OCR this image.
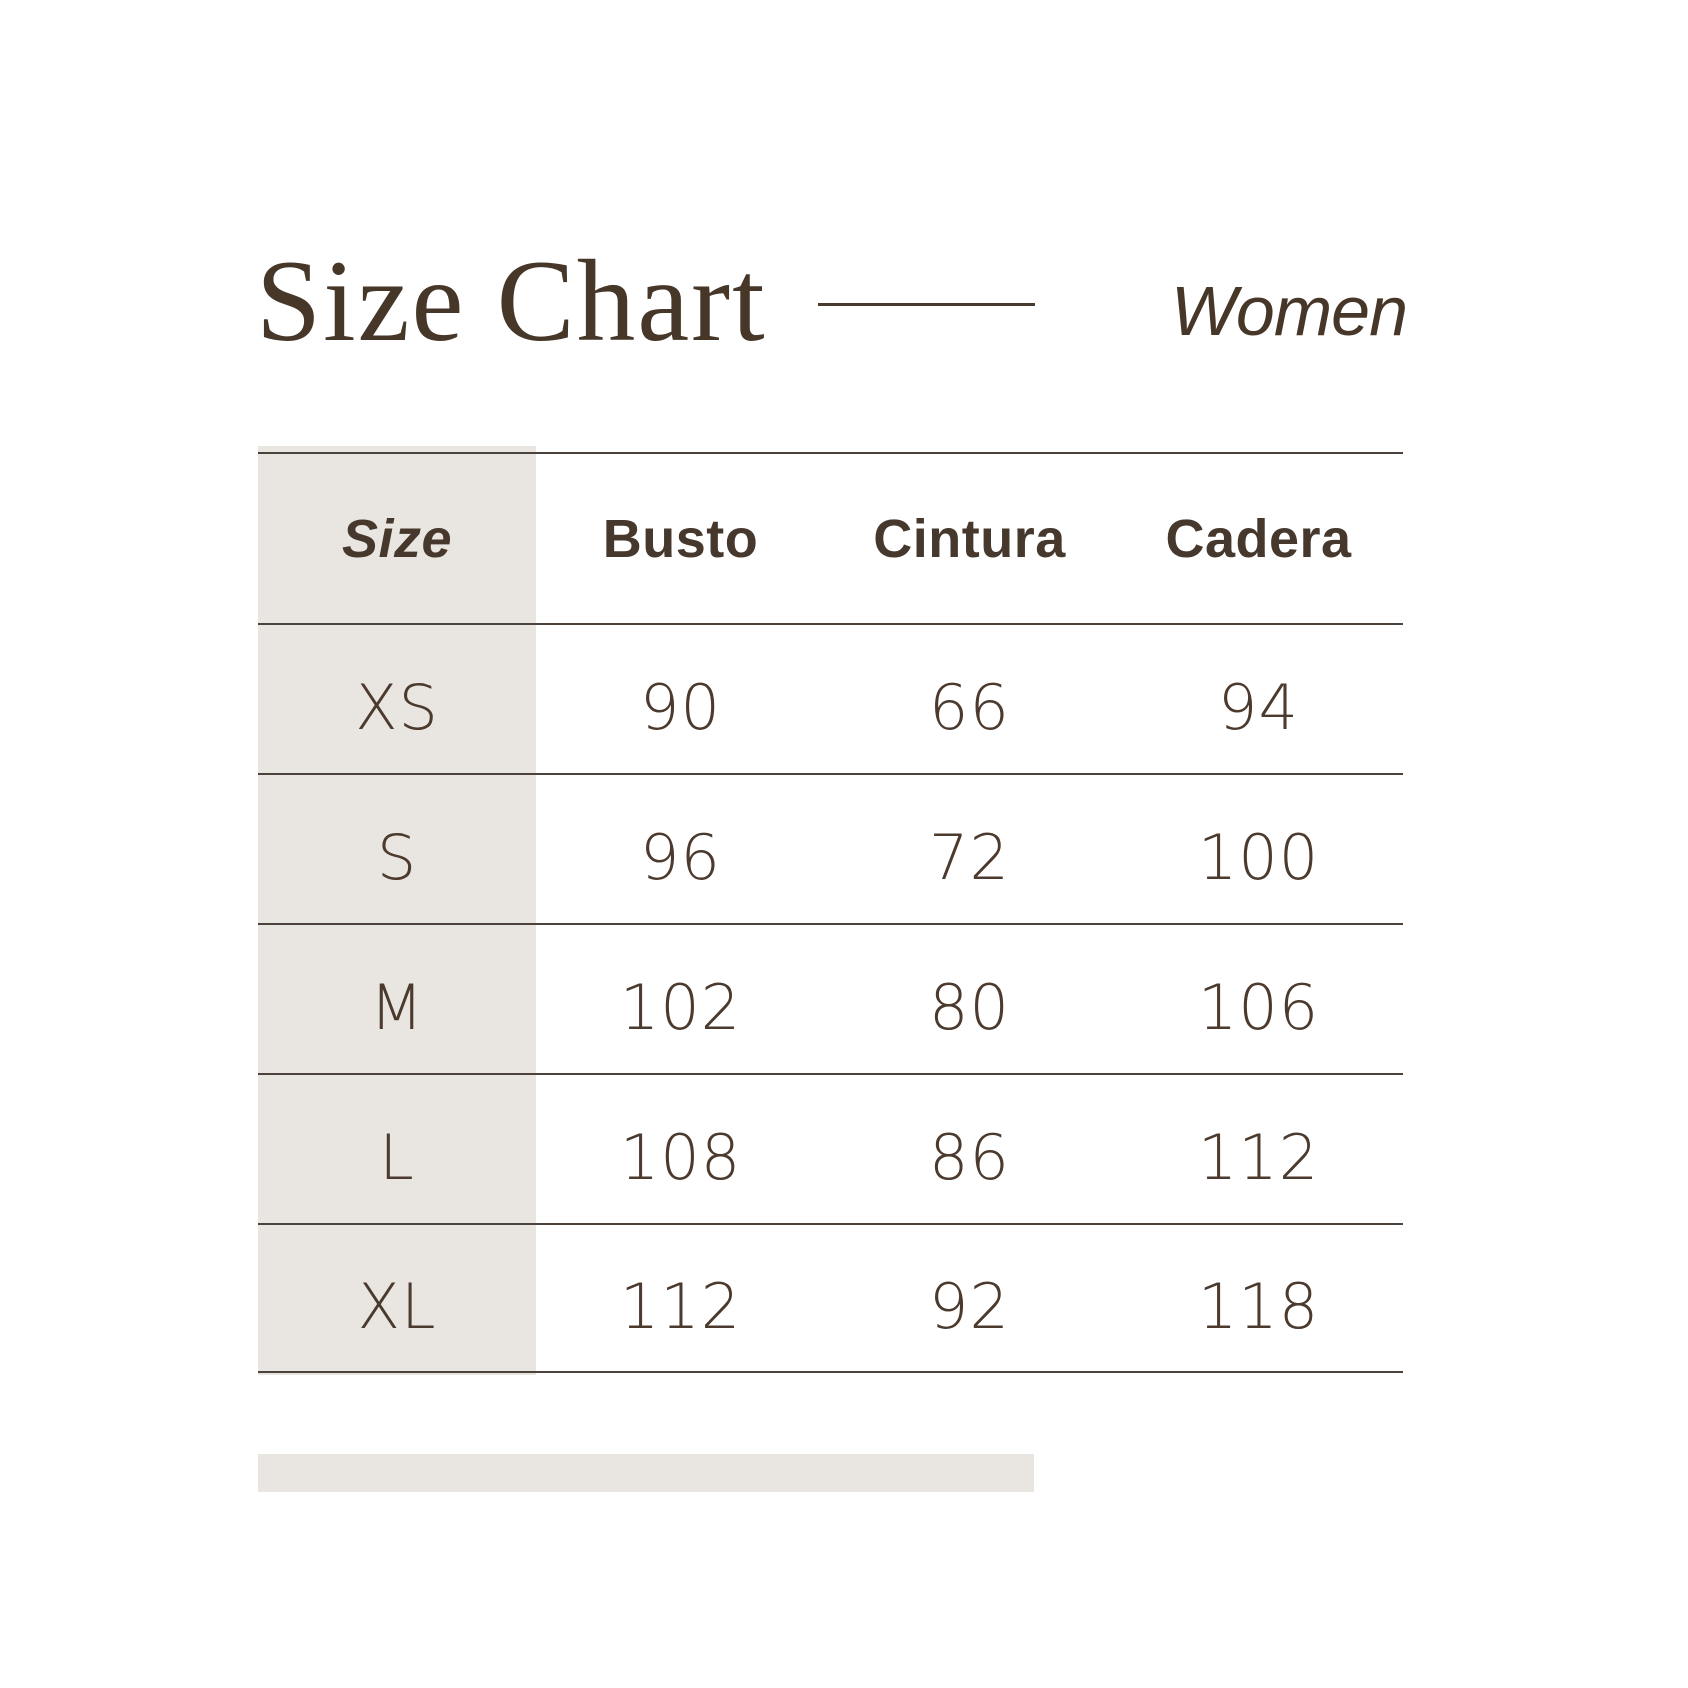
Size Chart	Women
Size	Busto	Cintura	Cadera
XS	90	66	94
S	96	72	100
M	102	80	106
L	108	86	112
XL	112	92	118
